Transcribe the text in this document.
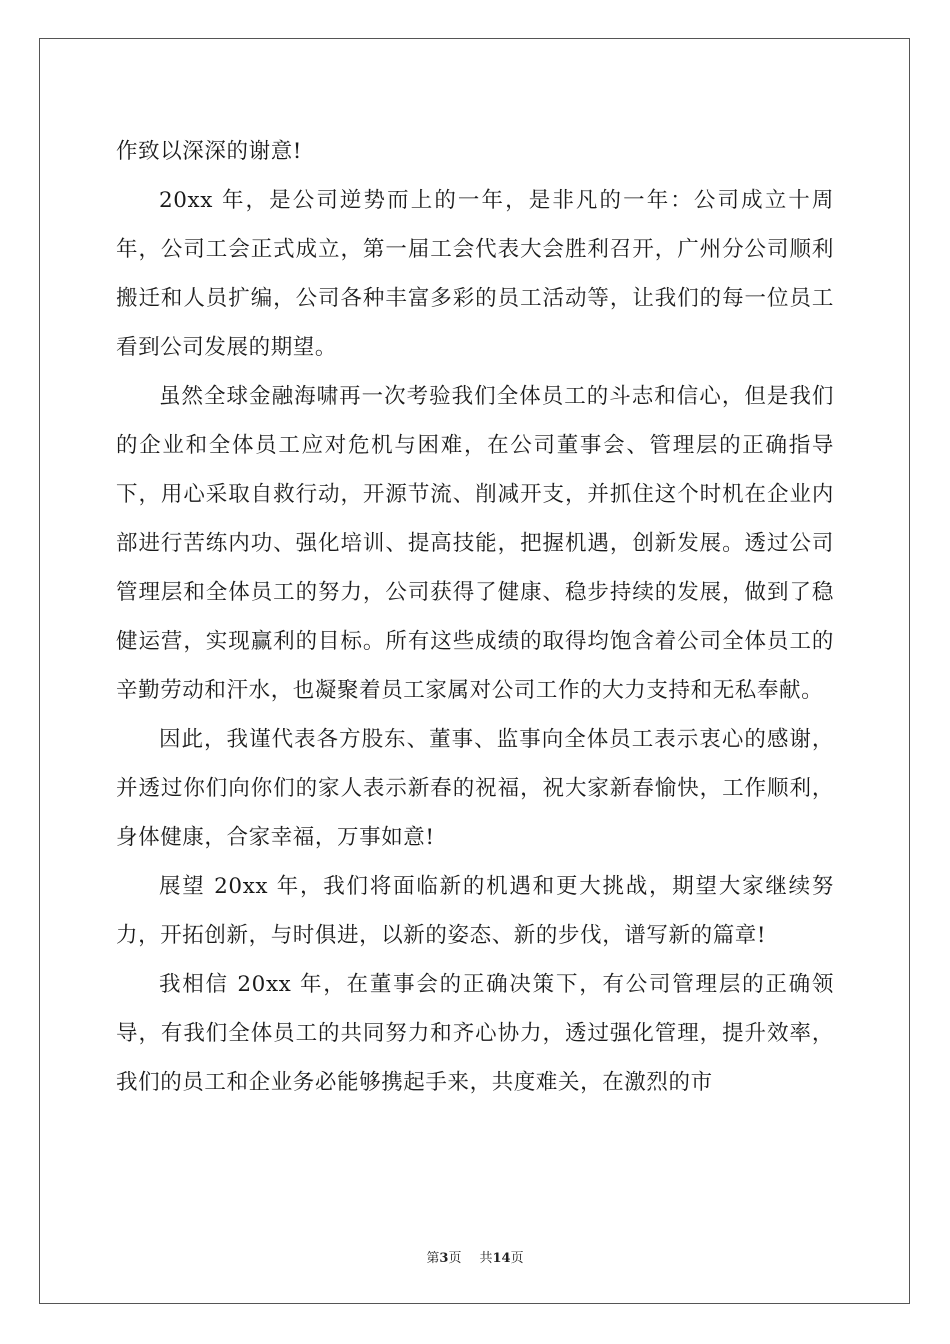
作致以深深的谢意!

20xx 年，是公司逆势而上的一年，是非凡的一年：公司成立十周年，公司工会正式成立，第一届工会代表大会胜利召开，广州分公司顺利搬迁和人员扩编，公司各种丰富多彩的员工活动等，让我们的每一位员工看到公司发展的期望。

虽然全球金融海啸再一次考验我们全体员工的斗志和信心，但是我们的企业和全体员工应对危机与困难，在公司董事会、管理层的正确指导下，用心采取自救行动，开源节流、削减开支，并抓住这个时机在企业内部进行苦练内功、强化培训、提高技能，把握机遇，创新发展。透过公司管理层和全体员工的努力，公司获得了健康、稳步持续的发展，做到了稳健运营，实现赢利的目标。所有这些成绩的取得均饱含着公司全体员工的辛勤劳动和汗水，也凝聚着员工家属对公司工作的大力支持和无私奉献。

因此，我谨代表各方股东、董事、监事向全体员工表示衷心的感谢，并透过你们向你们的家人表示新春的祝福，祝大家新春愉快，工作顺利，身体健康，合家幸福，万事如意!

展望 20xx 年，我们将面临新的机遇和更大挑战，期望大家继续努力，开拓创新，与时俱进，以新的姿态、新的步伐，谱写新的篇章!

我相信 20xx 年，在董事会的正确决策下，有公司管理层的正确领导，有我们全体员工的共同努力和齐心协力，透过强化管理，提升效率，我们的员工和企业务必能够携起手来，共度难关，在激烈的市

第3页 共14页
